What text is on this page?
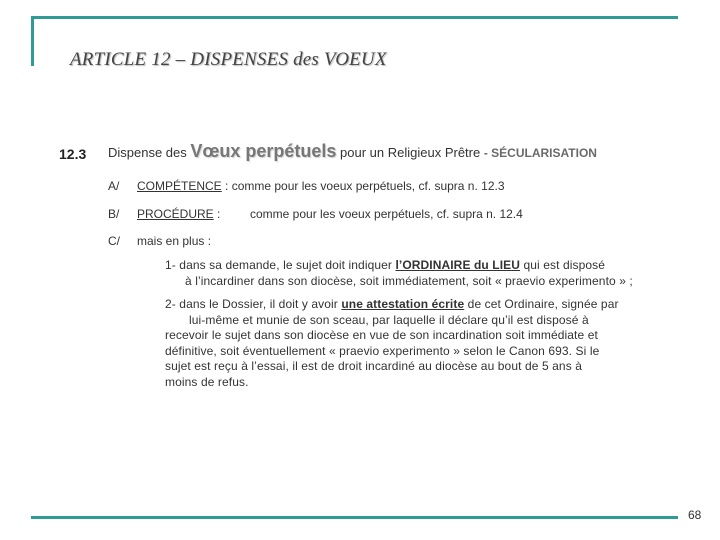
ARTICLE 12 – DISPENSES des VOEUX
12.3 Dispense des Vœux perpétuels pour un Religieux Prêtre - SÉCULARISATION
A/ COMPÉTENCE : comme pour les voeux perpétuels, cf. supra n. 12.3
B/ PROCÉDURE : comme pour les voeux perpétuels, cf. supra n. 12.4
C/ mais en plus :
1- dans sa demande, le sujet doit indiquer l’ORDINAIRE du LIEU qui est disposé
à l’incardiner dans son diocèse, soit immédiatement, soit « praevio experimento » ;
2- dans le Dossier, il doit y avoir une attestation écrite de cet Ordinaire, signée par
lui-même et munie de son sceau, par laquelle il déclare qu’il est disposé à
recevoir le sujet dans son diocèse en vue de son incardination soit immédiate et
définitive, soit éventuellement « praevio experimento » selon le Canon 693. Si le
sujet est reçu à l’essai, il est de droit incardiné au diocèse au bout de 5 ans à
moins de refus.
68
